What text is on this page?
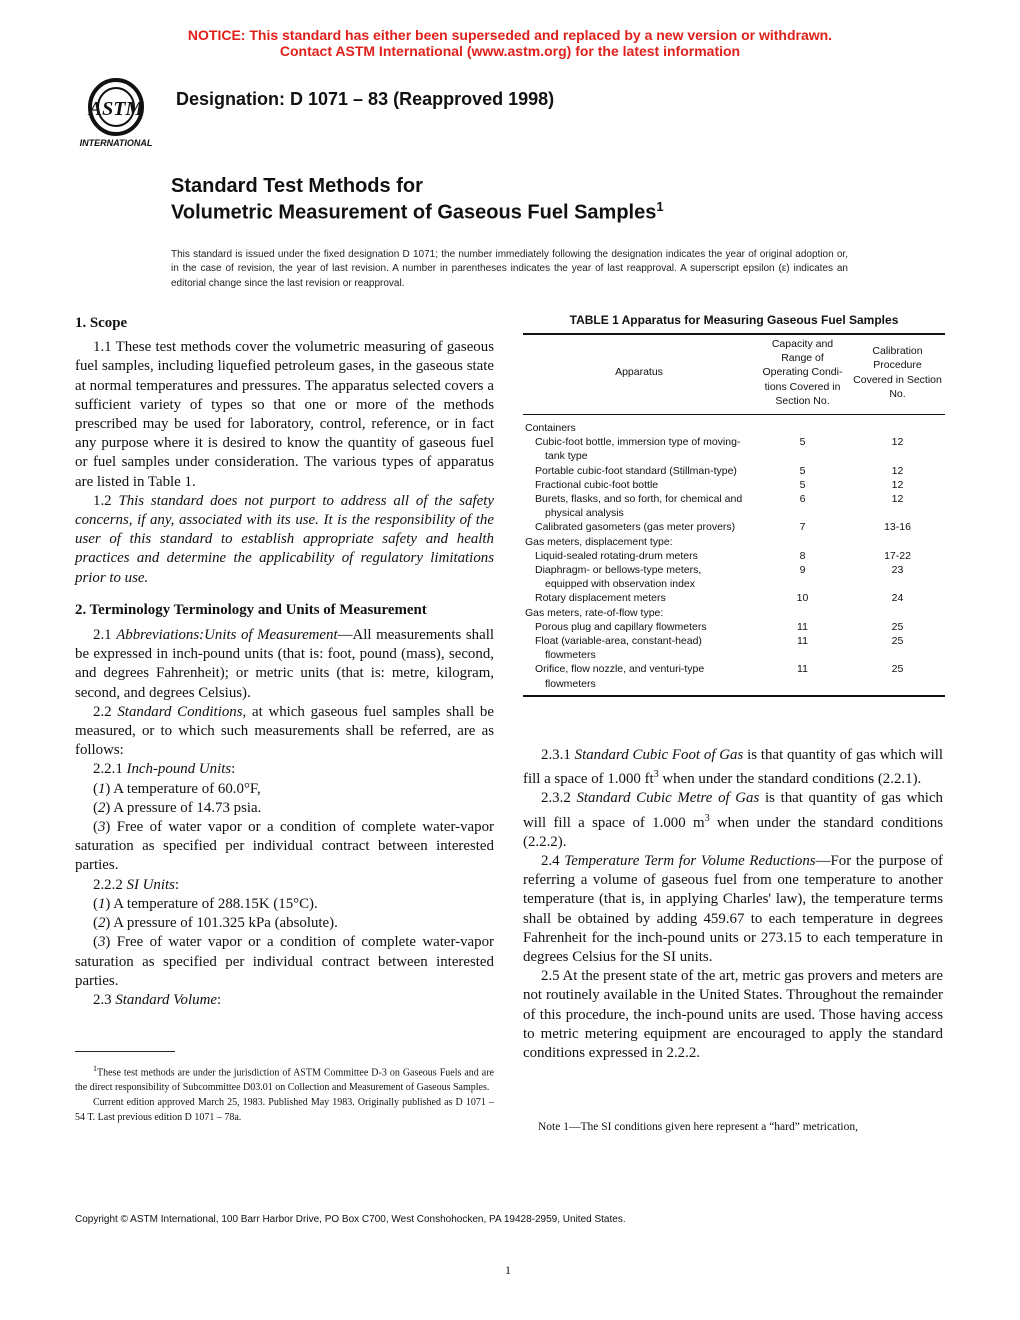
NOTICE: This standard has either been superseded and replaced by a new version or withdrawn.
Contact ASTM International (www.astm.org) for the latest information
ASTM
INTERNATIONAL
Designation: D 1071 – 83 (Reapproved 1998)
Standard Test Methods for
Volumetric Measurement of Gaseous Fuel Samples$^1$
This standard is issued under the fixed designation D 1071; the number immediately following the designation indicates the year of original adoption or, in the case of revision, the year of last revision. A number in parentheses indicates the year of last reapproval. A superscript epsilon (ε) indicates an editorial change since the last revision or reapproval.
1. Scope

1.1 These test methods cover the volumetric measuring of gaseous fuel samples, including liquefied petroleum gases, in the gaseous state at normal temperatures and pressures. The apparatus selected covers a sufficient variety of types so that one or more of the methods prescribed may be used for laboratory, control, reference, or in fact any purpose where it is desired to know the quantity of gaseous fuel or fuel samples under consideration. The various types of apparatus are listed in Table 1.

1.2 This standard does not purport to address all of the safety concerns, if any, associated with its use. It is the responsibility of the user of this standard to establish appropriate safety and health practices and determine the applicability of regulatory limitations prior to use.

2. Terminology Terminology and Units of Measurement

2.1 Abbreviations:Units of Measurement—All measurements shall be expressed in inch-pound units (that is: foot, pound (mass), second, and degrees Fahrenheit); or metric units (that is: metre, kilogram, second, and degrees Celsius).

2.2 Standard Conditions, at which gaseous fuel samples shall be measured, or to which such measurements shall be referred, are as follows:

2.2.1 Inch-pound Units:

(1) A temperature of 60.0°F,

(2) A pressure of 14.73 psia.

(3) Free of water vapor or a condition of complete water-vapor saturation as specified per individual contract between interested parties.

2.2.2 SI Units:

(1) A temperature of 288.15K (15°C).

(2) A pressure of 101.325 kPa (absolute).

(3) Free of water vapor or a condition of complete water-vapor saturation as specified per individual contract between interested parties.

2.3 Standard Volume:

TABLE 1 Apparatus for Measuring Gaseous Fuel Samples
Apparatus	Capacity and Range of Operating Condi- tions Covered in Section No.	Calibration Procedure Covered in Section No.
Containers		

Cubic-foot bottle, immersion type of moving-tank type	5	12

Portable cubic-foot standard (Stillman-type)	5	12

Fractional cubic-foot bottle	5	12

Burets, flasks, and so forth, for chemical and physical analysis	6	12

Calibrated gasometers (gas meter provers)	7	13-16
Gas meters, displacement type:		

Liquid-sealed rotating-drum meters	8	17-22

Diaphragm- or bellows-type meters, equipped with observation index	9	23

Rotary displacement meters	10	24
Gas meters, rate-of-flow type:		

Porous plug and capillary flowmeters	11	25

Float (variable-area, constant-head) flowmeters	11	25

Orifice, flow nozzle, and venturi-type flowmeters	11	25

2.3.1 Standard Cubic Foot of Gas is that quantity of gas which will fill a space of 1.000 $ft^3$ when under the standard conditions (2.2.1).

2.3.2 Standard Cubic Metre of Gas is that quantity of gas which will fill a space of 1.000 $m^3$ when under the standard conditions (2.2.2).

2.4 Temperature Term for Volume Reductions—For the purpose of referring a volume of gaseous fuel from one temperature to another temperature (that is, in applying Charles' law), the temperature terms shall be obtained by adding 459.67 to each temperature in degrees Fahrenheit for the inch-pound units or 273.15 to each temperature in degrees Celsius for the SI units.

2.5 At the present state of the art, metric gas provers and meters are not routinely available in the United States. Throughout the remainder of this procedure, the inch-pound units are used. Those having access to metric metering equipment are encouraged to apply the standard conditions expressed in 2.2.2.

Note 1—The SI conditions given here represent a “hard” metrication,

$^1$These test methods are under the jurisdiction of ASTM Committee D-3 on Gaseous Fuels and are the direct responsibility of Subcommittee D03.01 on Collection and Measurement of Gaseous Samples.

Current edition approved March 25, 1983. Published May 1983. Originally published as D 1071 – 54 T. Last previous edition D 1071 – 78a.

Copyright © ASTM International, 100 Barr Harbor Drive, PO Box C700, West Conshohocken, PA 19428-2959, United States.
1
